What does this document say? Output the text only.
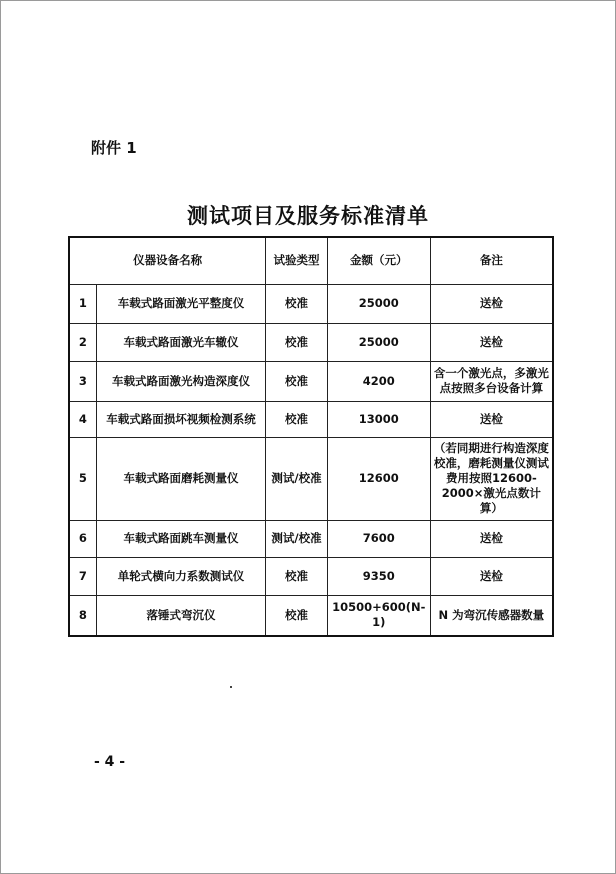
附件 1
测试项目及服务标准清单
仪器设备名称		试验类型	金额（元）	备注
1	车载式路面激光平整度仪	校准	25000	送检
2	车载式路面激光车辙仪	校准	25000	送检
3	车载式路面激光构造深度仪	校准	4200	含一个激光点，多激光点按照多台设备计算
4	车载式路面损坏视频检测系统	校准	13000	送检
5	车载式路面磨耗测量仪	测试/校准	12600	（若同期进行构造深度校准，磨耗测量仪测试费用按照12600-2000×激光点数计算）
6	车载式路面跳车测量仪	测试/校准	7600	送检
7	单轮式横向力系数测试仪	校准	9350	送检
8	落锤式弯沉仪	校准	10500+600(N-1)	N 为弯沉传感器数量
- 4 -
